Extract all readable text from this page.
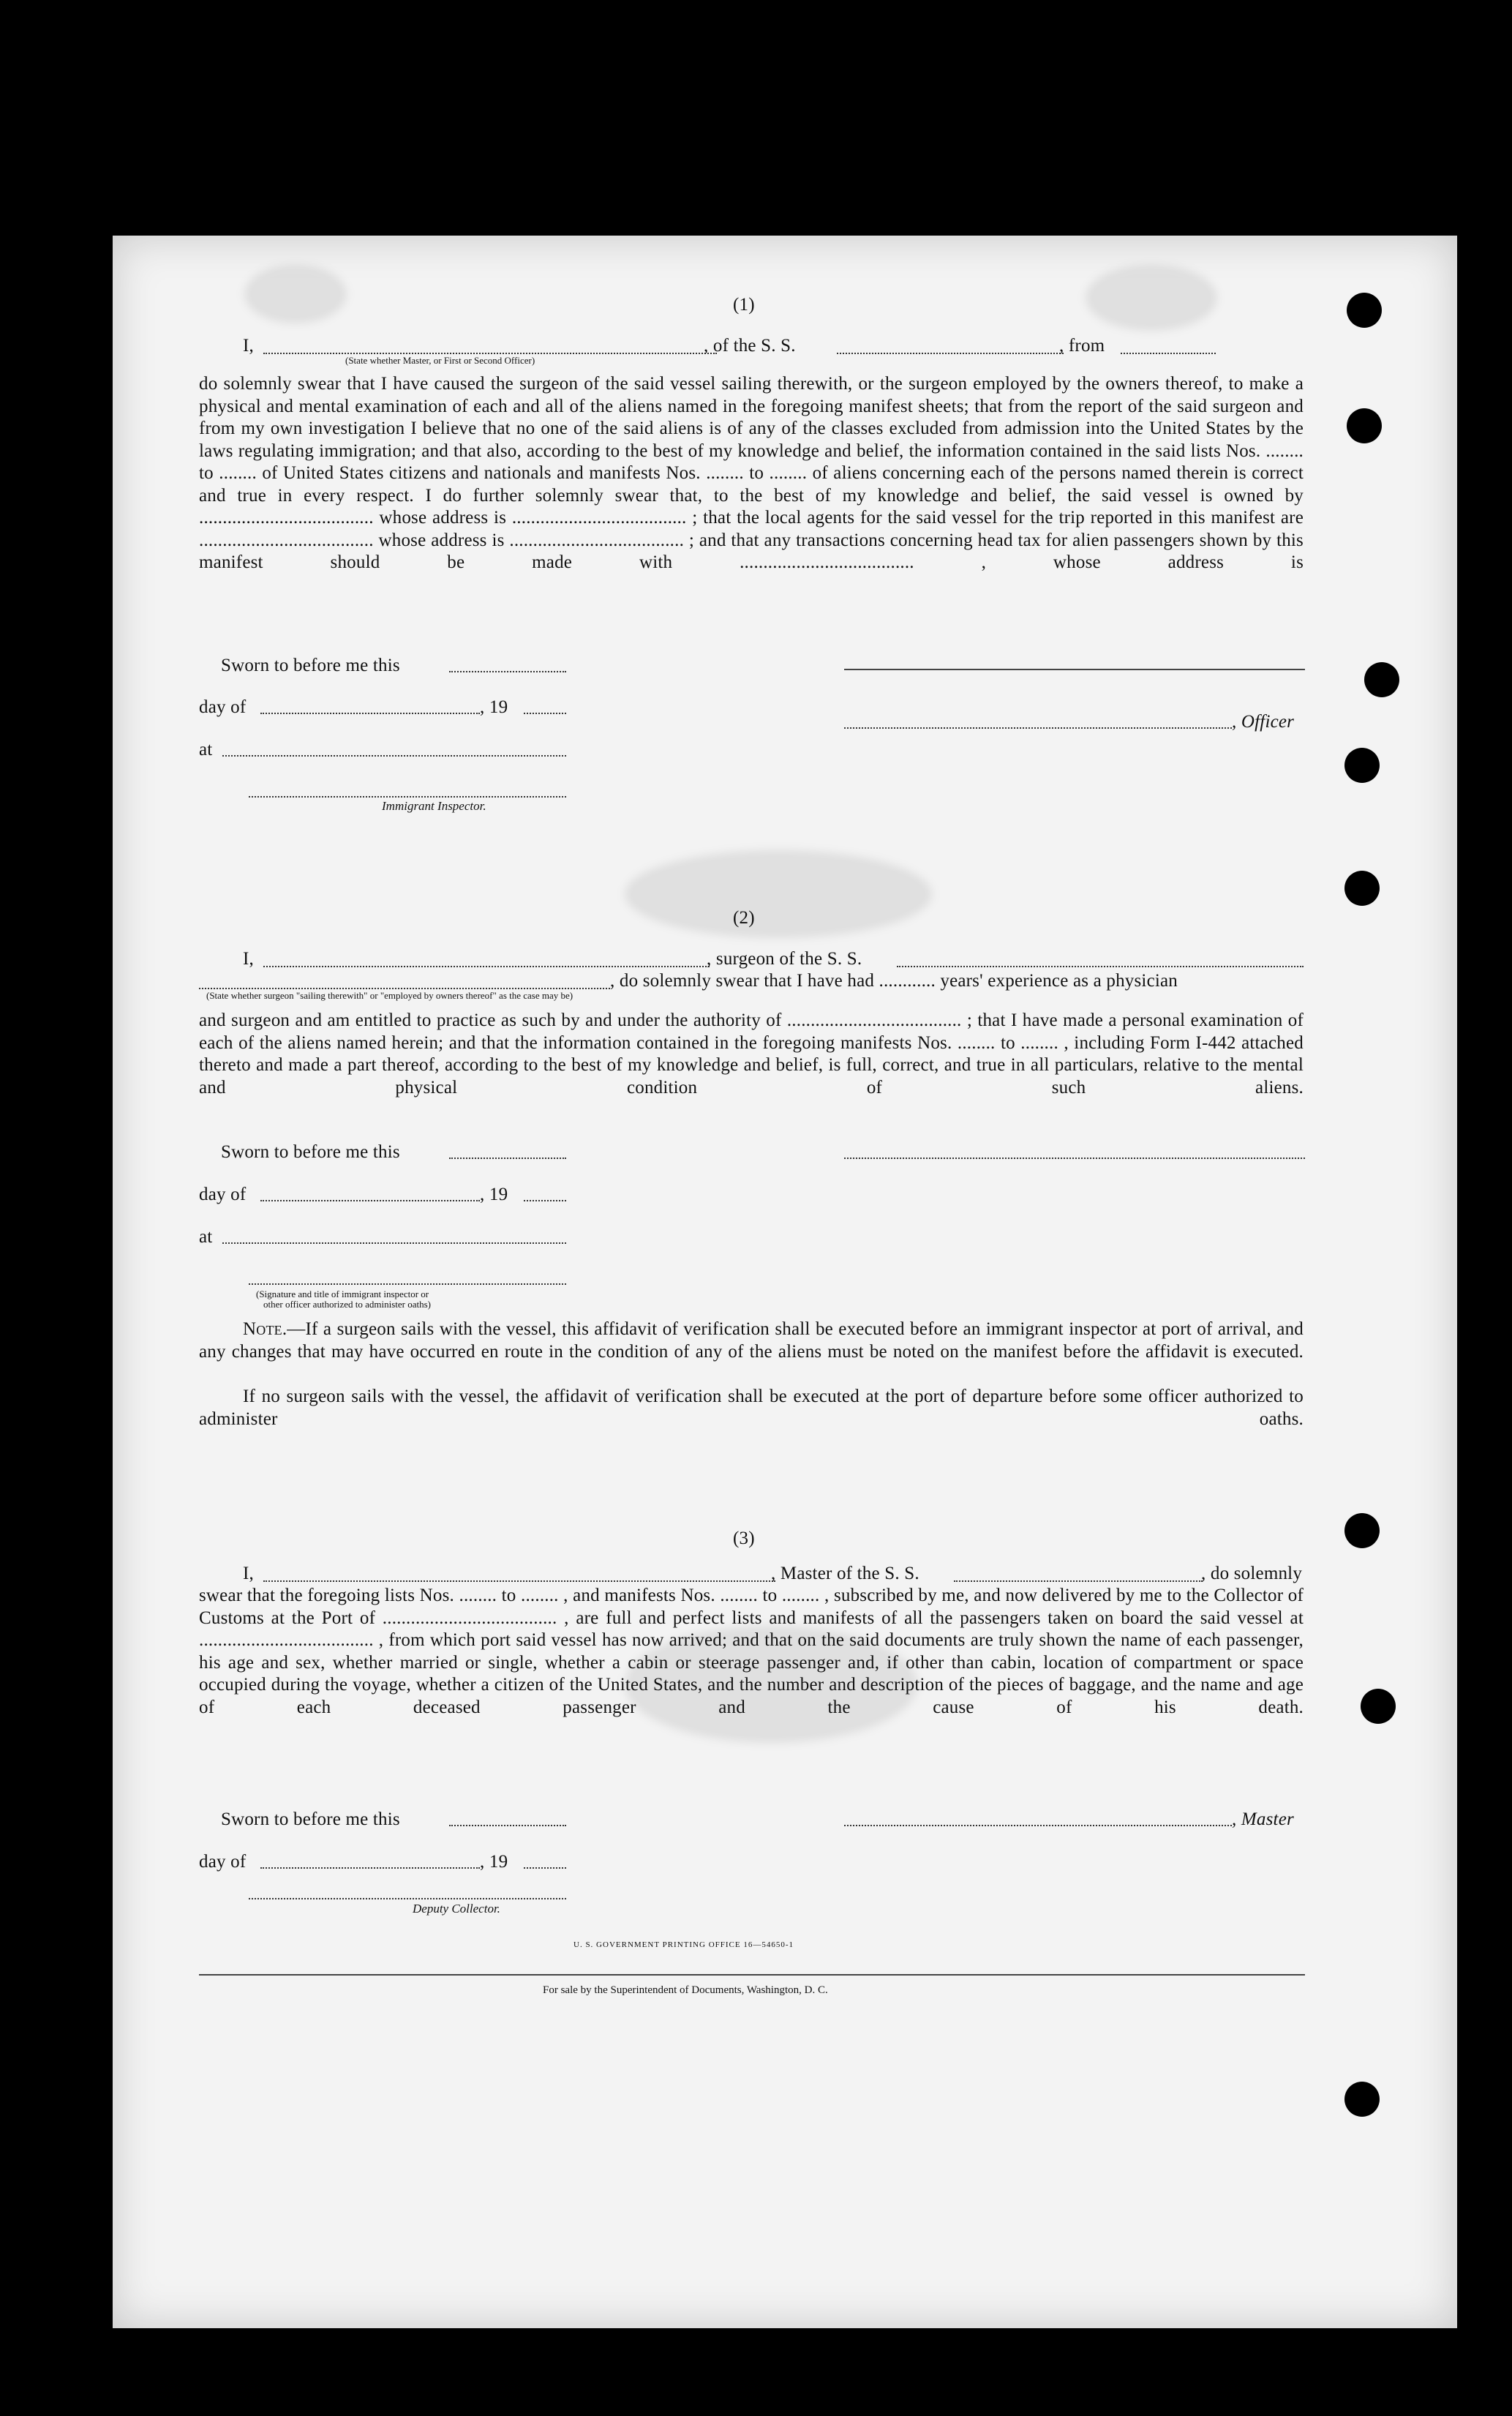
(1)
I,	, of the S. S.	, from
(State whether Master, or First or Second Officer)
do solemnly swear that I have caused the surgeon of the said vessel sailing therewith, or the surgeon employed by the owners thereof, to make a physical and mental examination of each and all of the aliens named in the foregoing manifest sheets; that from the report of the said surgeon and from my own investigation I believe that no one of the said aliens is of any of the classes excluded from admission into the United States by the laws regulating immigration; and that also, according to the best of my knowledge and belief, the information contained in the said lists Nos. ........ to ........ of United States citizens and nationals and manifests Nos. ........ to ........ of aliens concerning each of the persons named therein is correct and true in every respect. I do further solemnly swear that, to the best of my knowledge and belief, the said vessel is owned by ..................................... whose address is ..................................... ; that the local agents for the said vessel for the trip reported in this manifest are ..................................... whose address is ..................................... ; and that any transactions concerning head tax for alien passengers shown by this manifest should be made with ..................................... , whose address is
Sworn to before me this
day of	, 19
, Officer
at
Immigrant Inspector.
(2)
I,	, surgeon of the S. S.
, do solemnly swear that I have had ............ years' experience as a physician
(State whether surgeon "sailing therewith" or "employed by owners thereof" as the case may be)
and surgeon and am entitled to practice as such by and under the authority of ..................................... ; that I have made a personal examination of each of the aliens named herein; and that the information contained in the foregoing manifests Nos. ........ to ........ , including Form I-442 attached thereto and made a part thereof, according to the best of my knowledge and belief, is full, correct, and true in all particulars, relative to the mental and physical condition of such aliens.
Sworn to before me this
day of	, 19
at
(Signature and title of immigrant inspector or
other officer authorized to administer oaths)
Note.—If a surgeon sails with the vessel, this affidavit of verification shall be executed before an immigrant inspector at port of arrival, and any changes that may have occurred en route in the condition of any of the aliens must be noted on the manifest before the affidavit is executed.
If no surgeon sails with the vessel, the affidavit of verification shall be executed at the port of departure before some officer authorized to administer oaths.
(3)
I,	, Master of the S. S.	, do solemnly
swear that the foregoing lists Nos. ........ to ........ , and manifests Nos. ........ to ........ , subscribed by me, and now delivered by me to the Collector of Customs at the Port of ..................................... , are full and perfect lists and manifests of all the passengers taken on board the said vessel at ..................................... , from which port said vessel has now arrived; and that on the said documents are truly shown the name of each passenger, his age and sex, whether married or single, whether a cabin or steerage passenger and, if other than cabin, location of compartment or space occupied during the voyage, whether a citizen of the United States, and the number and description of the pieces of baggage, and the name and age of each deceased passenger and the cause of his death.
Sworn to before me this	, Master
day of	, 19
Deputy Collector.
U. S. GOVERNMENT PRINTING OFFICE 16—54650-1
For sale by the Superintendent of Documents, Washington, D. C.
